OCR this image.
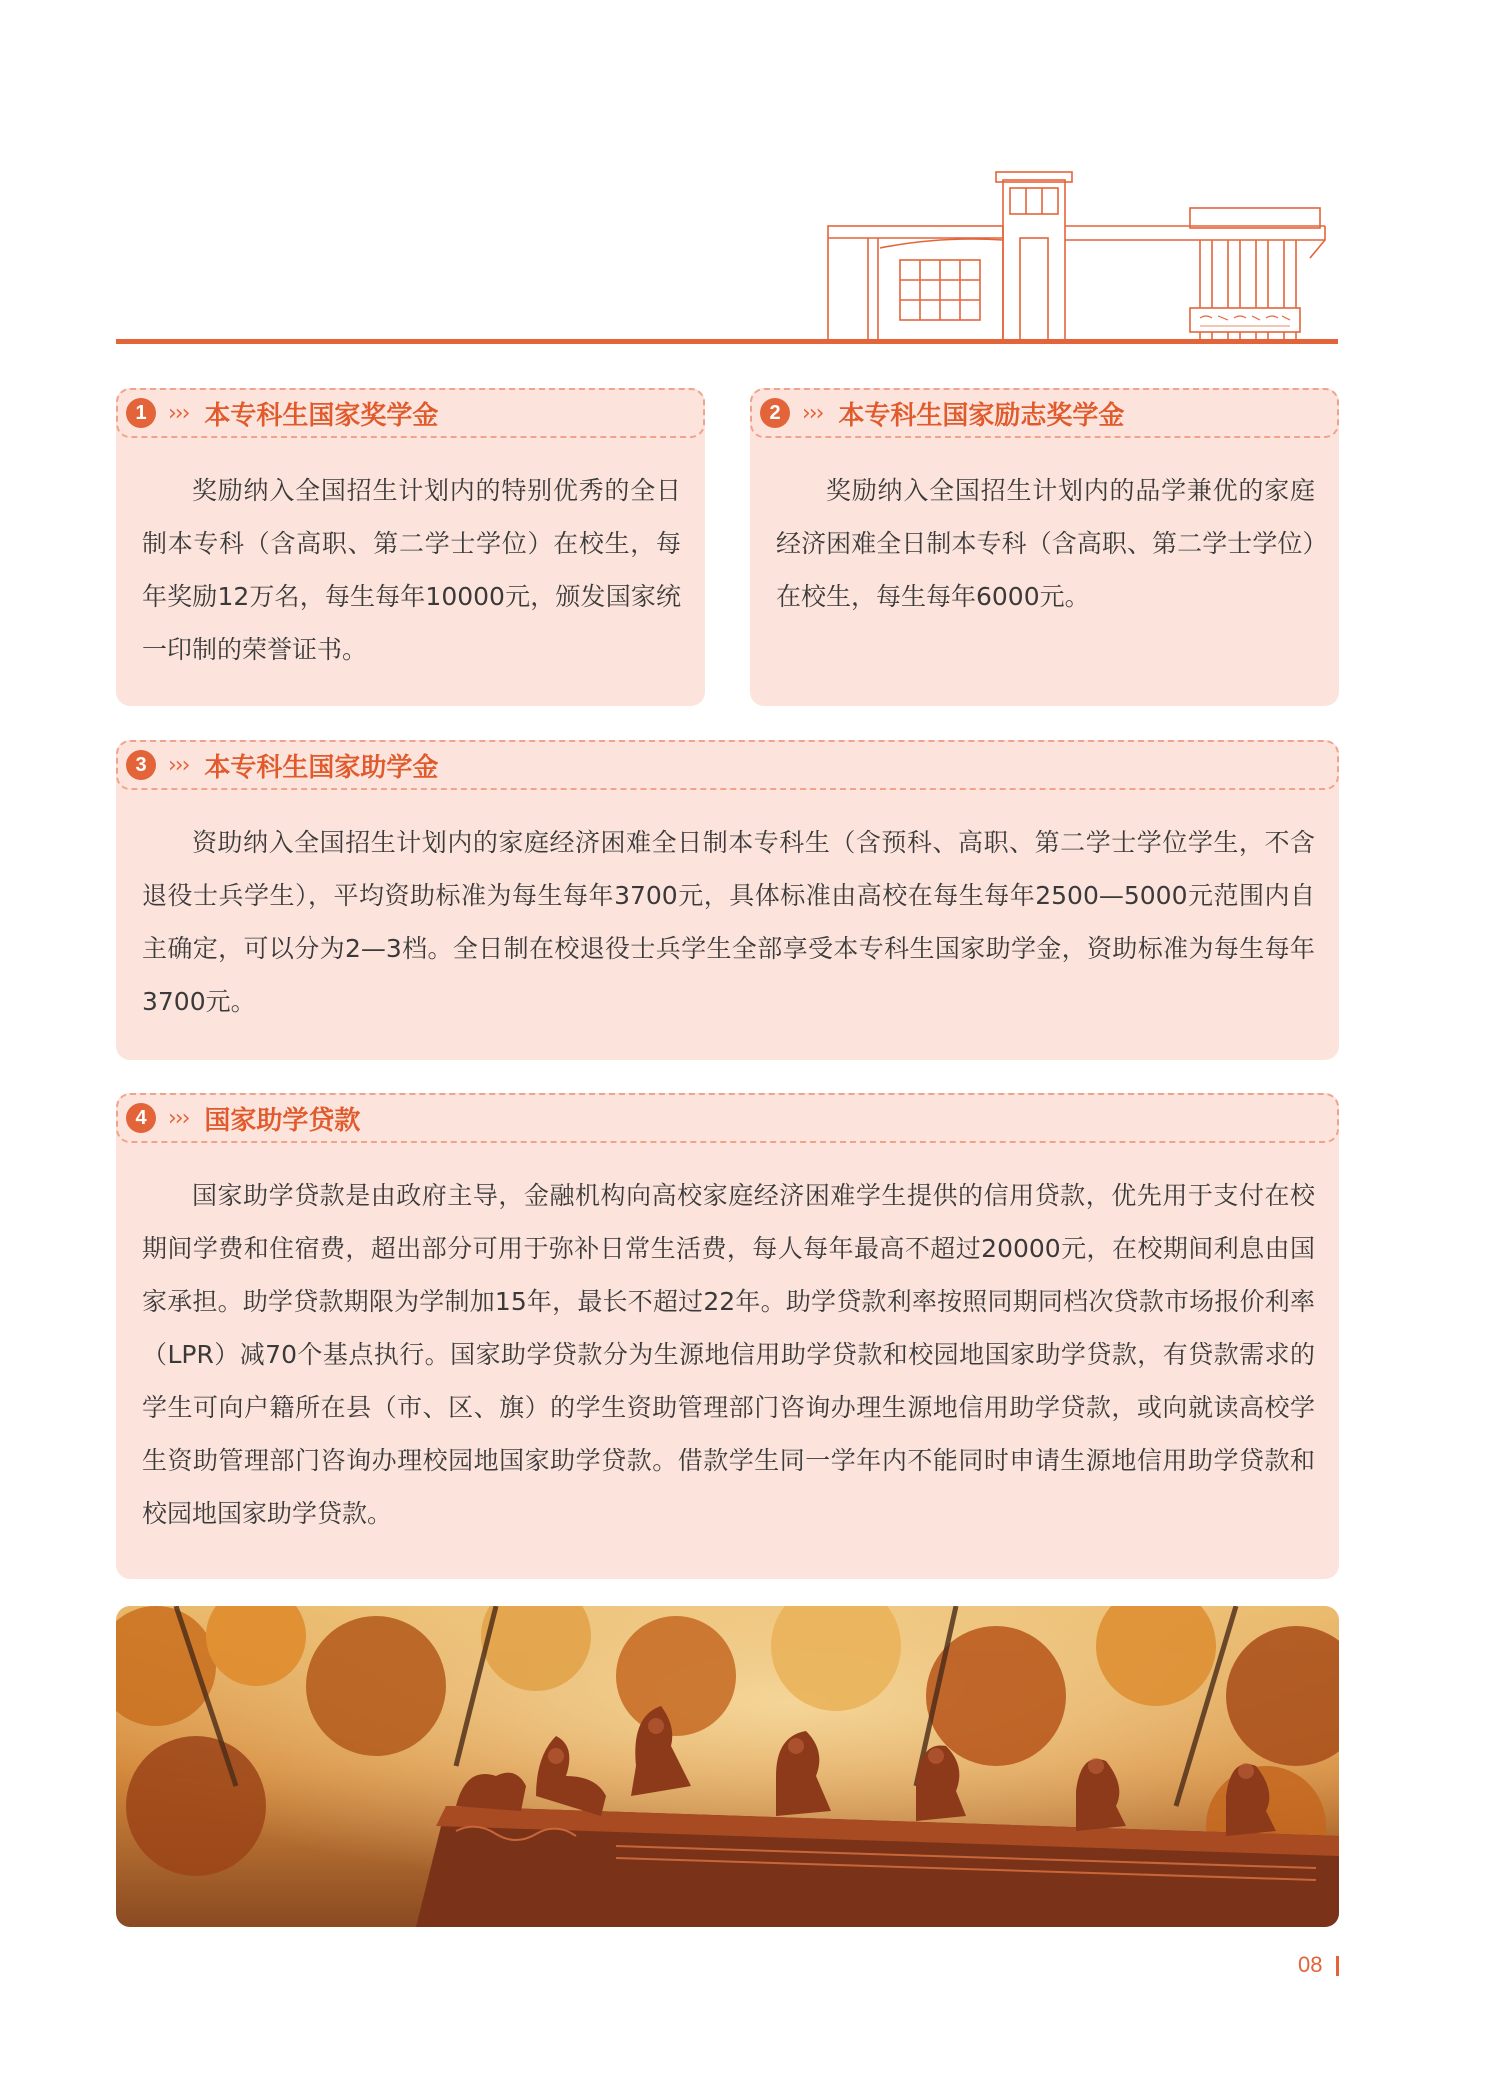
1 ››› 本专科生国家奖学金
奖励纳入全国招生计划内的特别优秀的全日制本专科（含高职、第二学士学位）在校生，每年奖励12万名，每生每年10000元，颁发国家统一印制的荣誉证书。
2 ››› 本专科生国家励志奖学金
奖励纳入全国招生计划内的品学兼优的家庭经济困难全日制本专科（含高职、第二学士学位）在校生，每生每年6000元。
3 ››› 本专科生国家助学金
资助纳入全国招生计划内的家庭经济困难全日制本专科生（含预科、高职、第二学士学位学生，不含退役士兵学生），平均资助标准为每生每年3700元，具体标准由高校在每生每年2500—5000元范围内自主确定，可以分为2—3档。全日制在校退役士兵学生全部享受本专科生国家助学金，资助标准为每生每年3700元。
4 ››› 国家助学贷款
国家助学贷款是由政府主导，金融机构向高校家庭经济困难学生提供的信用贷款，优先用于支付在校期间学费和住宿费，超出部分可用于弥补日常生活费，每人每年最高不超过20000元，在校期间利息由国家承担。助学贷款期限为学制加15年，最长不超过22年。助学贷款利率按照同期同档次贷款市场报价利率（LPR）减70个基点执行。国家助学贷款分为生源地信用助学贷款和校园地国家助学贷款，有贷款需求的学生可向户籍所在县（市、区、旗）的学生资助管理部门咨询办理生源地信用助学贷款，或向就读高校学生资助管理部门咨询办理校园地国家助学贷款。借款学生同一学年内不能同时申请生源地信用助学贷款和校园地国家助学贷款。
08
